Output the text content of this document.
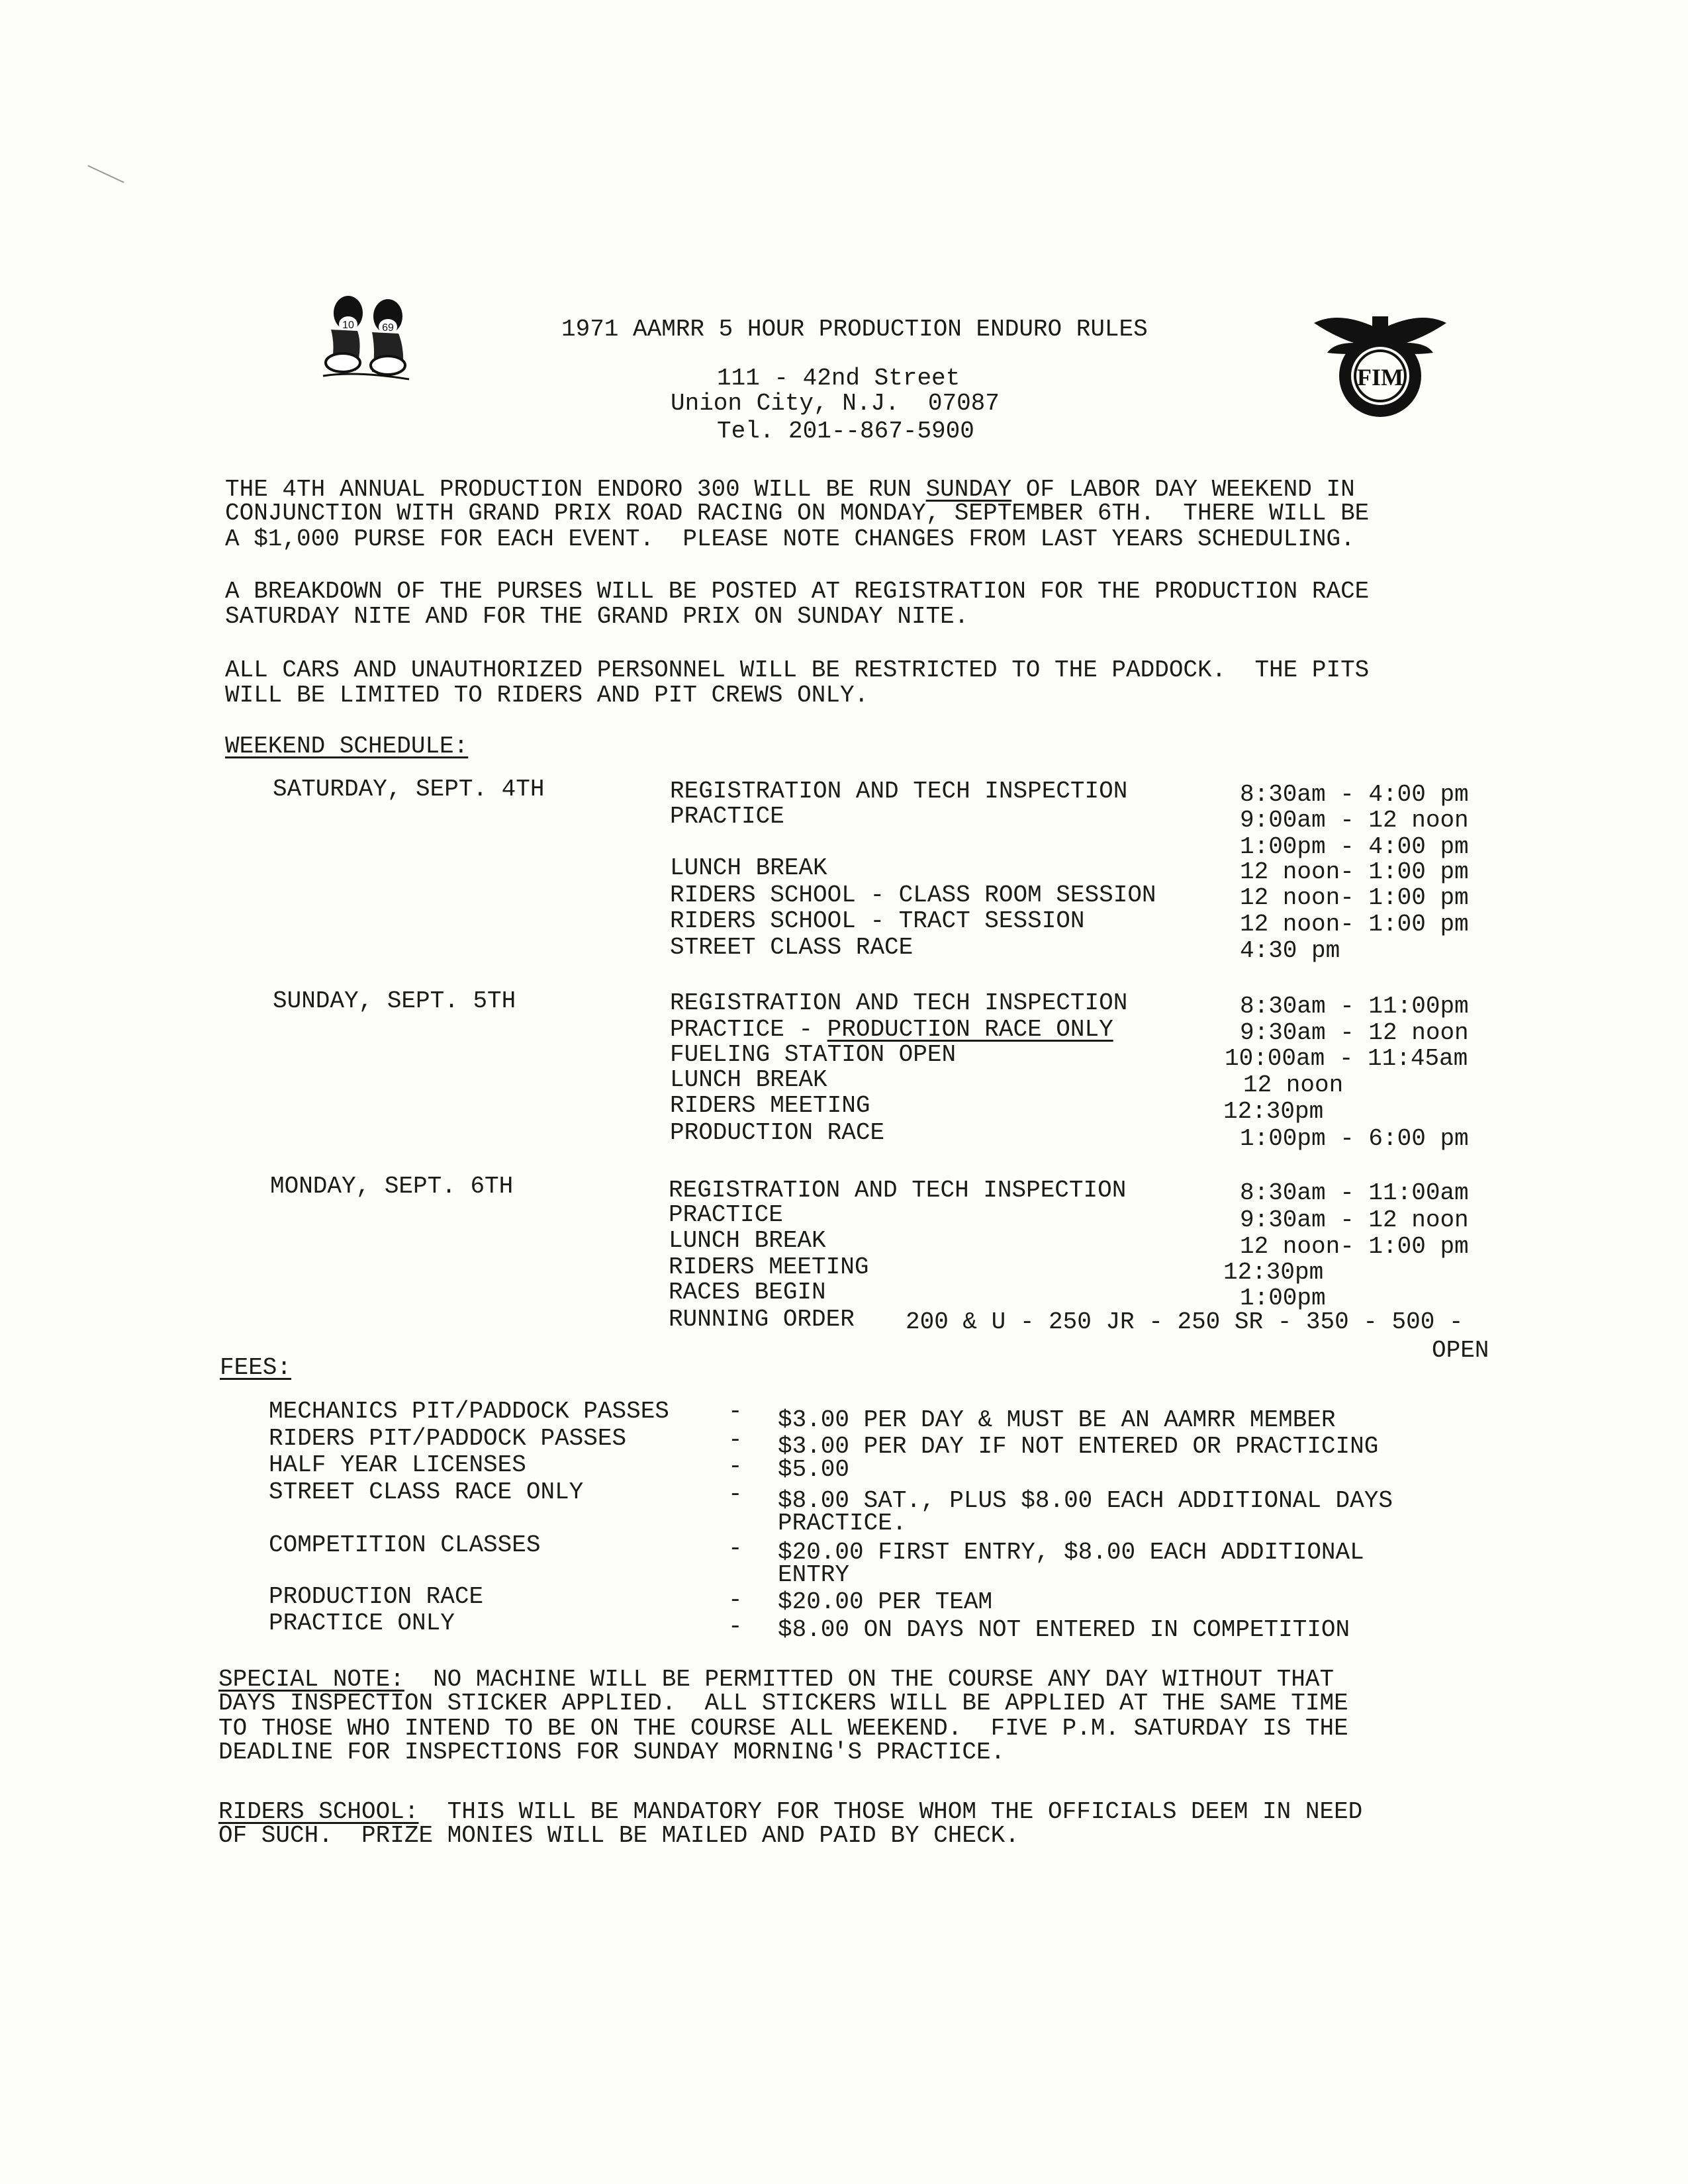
10	69
FIM
1971 AAMRR 5 HOUR PRODUCTION ENDURO RULES
111 - 42nd Street
Union City, N.J.  07087
Tel. 201--867-5900
THE 4TH ANNUAL PRODUCTION ENDORO 300 WILL BE RUN SUNDAY OF LABOR DAY WEEKEND IN
CONJUNCTION WITH GRAND PRIX ROAD RACING ON MONDAY, SEPTEMBER 6TH.  THERE WILL BE
A $1,000 PURSE FOR EACH EVENT.  PLEASE NOTE CHANGES FROM LAST YEARS SCHEDULING.
A BREAKDOWN OF THE PURSES WILL BE POSTED AT REGISTRATION FOR THE PRODUCTION RACE
SATURDAY NITE AND FOR THE GRAND PRIX ON SUNDAY NITE.
ALL CARS AND UNAUTHORIZED PERSONNEL WILL BE RESTRICTED TO THE PADDOCK.  THE PITS
WILL BE LIMITED TO RIDERS AND PIT CREWS ONLY.
WEEKEND SCHEDULE:
SATURDAY, SEPT. 4TH	REGISTRATION AND TECH INSPECTION	8:30am - 4:00 pm
PRACTICE	9:00am - 12 noon
1:00pm - 4:00 pm
LUNCH BREAK	12 noon- 1:00 pm
RIDERS SCHOOL - CLASS ROOM SESSION	12 noon- 1:00 pm
RIDERS SCHOOL - TRACT SESSION	12 noon- 1:00 pm
STREET CLASS RACE	4:30 pm
SUNDAY, SEPT. 5TH	REGISTRATION AND TECH INSPECTION	8:30am - 11:00pm
PRACTICE - PRODUCTION RACE ONLY	9:30am - 12 noon
FUELING STATION OPEN	10:00am - 11:45am
LUNCH BREAK	12 noon
RIDERS MEETING	12:30pm
PRODUCTION RACE	1:00pm - 6:00 pm
MONDAY, SEPT. 6TH	REGISTRATION AND TECH INSPECTION	8:30am - 11:00am
PRACTICE	9:30am - 12 noon
LUNCH BREAK	12 noon- 1:00 pm
RIDERS MEETING	12:30pm
RACES BEGIN	1:00pm
RUNNING ORDER 200 & U - 250 JR - 250 SR - 350 - 500 -
OPEN
FEES:
MECHANICS PIT/PADDOCK PASSES - $3.00 PER DAY & MUST BE AN AAMRR MEMBER
RIDERS PIT/PADDOCK PASSES	- $3.00 PER DAY IF NOT ENTERED OR PRACTICING
HALF YEAR LICENSES	- $5.00
STREET CLASS RACE ONLY	- $8.00 SAT., PLUS $8.00 EACH ADDITIONAL DAYS
PRACTICE.
COMPETITION CLASSES	- $20.00 FIRST ENTRY, $8.00 EACH ADDITIONAL
ENTRY
PRODUCTION RACE	- $20.00 PER TEAM
PRACTICE ONLY	- $8.00 ON DAYS NOT ENTERED IN COMPETITION
SPECIAL NOTE:  NO MACHINE WILL BE PERMITTED ON THE COURSE ANY DAY WITHOUT THAT
DAYS INSPECTION STICKER APPLIED.  ALL STICKERS WILL BE APPLIED AT THE SAME TIME
TO THOSE WHO INTEND TO BE ON THE COURSE ALL WEEKEND.  FIVE P.M. SATURDAY IS THE
DEADLINE FOR INSPECTIONS FOR SUNDAY MORNING'S PRACTICE.
RIDERS SCHOOL:  THIS WILL BE MANDATORY FOR THOSE WHOM THE OFFICIALS DEEM IN NEED
OF SUCH.  PRIZE MONIES WILL BE MAILED AND PAID BY CHECK.
